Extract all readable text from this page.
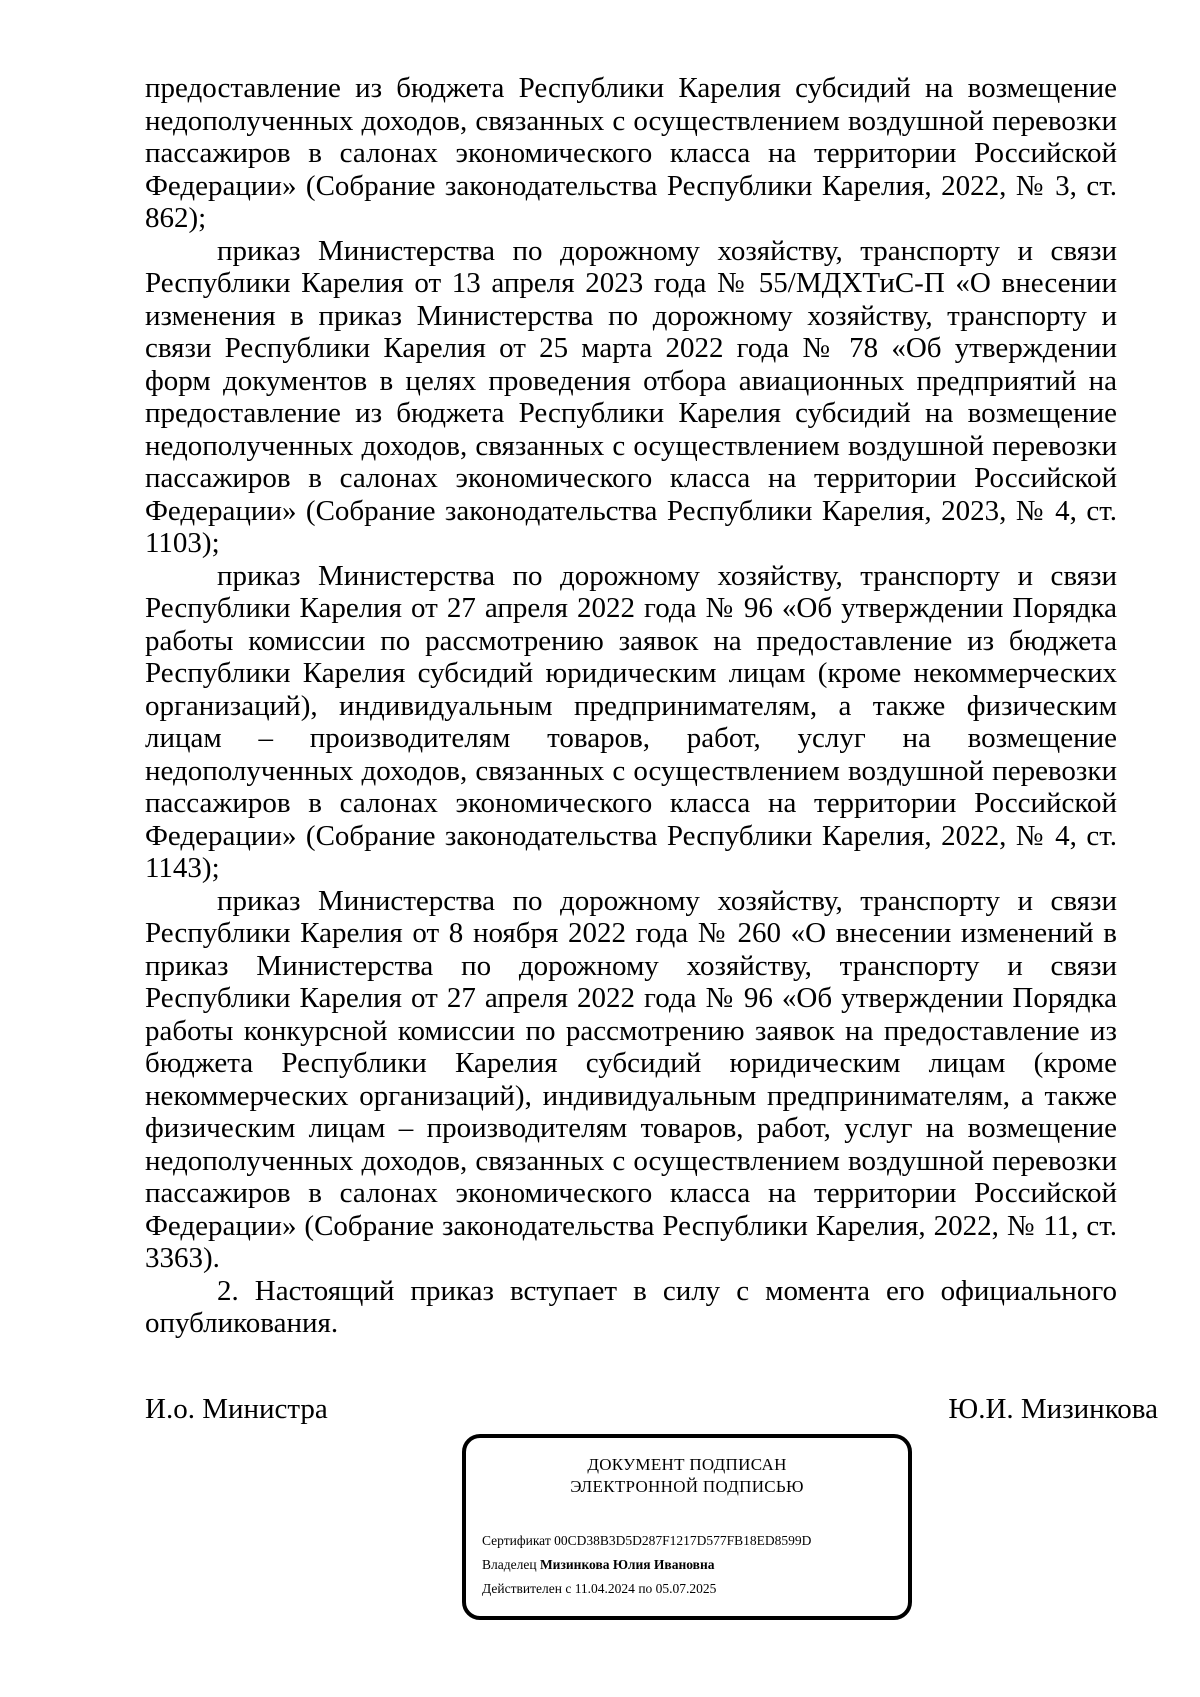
предоставление из бюджета Республики Карелия субсидий на возмещение недополученных доходов, связанных с осуществлением воздушной перевозки пассажиров в салонах экономического класса на территории Российской Федерации» (Собрание законодательства Республики Карелия, 2022, № 3, ст. 862);

приказ Министерства по дорожному хозяйству, транспорту и связи Республики Карелия от 13 апреля 2023 года № 55/МДХТиС-П «О внесении изменения в приказ Министерства по дорожному хозяйству, транспорту и связи Республики Карелия от 25 марта 2022 года № 78 «Об утверждении форм документов в целях проведения отбора авиационных предприятий на предоставление из бюджета Республики Карелия субсидий на возмещение недополученных доходов, связанных с осуществлением воздушной перевозки пассажиров в салонах экономического класса на территории Российской Федерации» (Собрание законодательства Республики Карелия, 2023, № 4, ст. 1103);

приказ Министерства по дорожному хозяйству, транспорту и связи Республики Карелия от 27 апреля 2022 года № 96 «Об утверждении Порядка работы комиссии по рассмотрению заявок на предоставление из бюджета Республики Карелия субсидий юридическим лицам (кроме некоммерческих организаций), индивидуальным предпринимателям, а также физическим лицам – производителям товаров, работ, услуг на возмещение недополученных доходов, связанных с осуществлением воздушной перевозки пассажиров в салонах экономического класса на территории Российской Федерации» (Собрание законодательства Республики Карелия, 2022, № 4, ст. 1143);

приказ Министерства по дорожному хозяйству, транспорту и связи Республики Карелия от 8 ноября 2022 года № 260 «О внесении изменений в приказ Министерства по дорожному хозяйству, транспорту и связи Республики Карелия от 27 апреля 2022 года № 96 «Об утверждении Порядка работы конкурсной комиссии по рассмотрению заявок на предоставление из бюджета Республики Карелия субсидий юридическим лицам (кроме некоммерческих организаций), индивидуальным предпринимателям, а также физическим лицам – производителям товаров, работ, услуг на возмещение недополученных доходов, связанных с осуществлением воздушной перевозки пассажиров в салонах экономического класса на территории Российской Федерации» (Собрание законодательства Республики Карелия, 2022, № 11, ст. 3363).

2. Настоящий приказ вступает в силу с момента его официального опубликования.

И.о. Министра	Ю.И. Мизинкова
ДОКУМЕНТ ПОДПИСАН
ЭЛЕКТРОННОЙ ПОДПИСЬЮ
Сертификат 00CD38B3D5D287F1217D577FB18ED8599D
Владелец Мизинкова Юлия Ивановна
Действителен с 11.04.2024 по 05.07.2025
